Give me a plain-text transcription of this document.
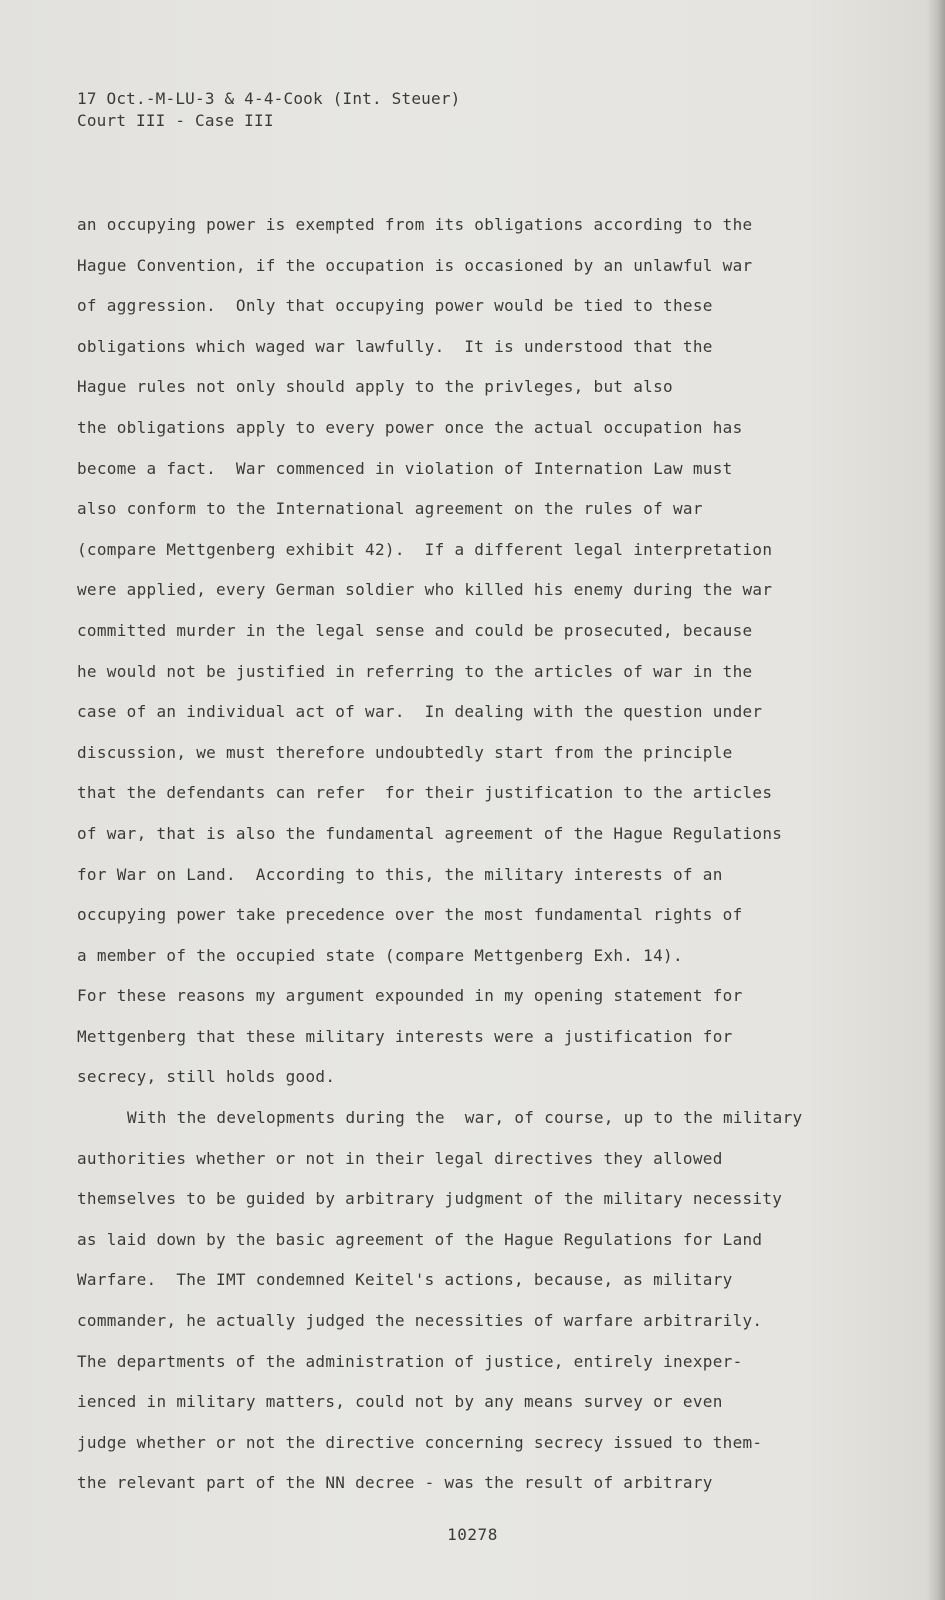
17 Oct.-M-LU-3 & 4-4-Cook (Int. Steuer)
Court III - Case III
an occupying power is exempted from its obligations according to the
Hague Convention, if the occupation is occasioned by an unlawful war
of aggression.  Only that occupying power would be tied to these
obligations which waged war lawfully.  It is understood that the
Hague rules not only should apply to the privleges, but also
the obligations apply to every power once the actual occupation has
become a fact.  War commenced in violation of Internation Law must
also conform to the International agreement on the rules of war
(compare Mettgenberg exhibit 42).  If a different legal interpretation
were applied, every German soldier who killed his enemy during the war
committed murder in the legal sense and could be prosecuted, because
he would not be justified in referring to the articles of war in the
case of an individual act of war.  In dealing with the question under
discussion, we must therefore undoubtedly start from the principle
that the defendants can refer  for their justification to the articles
of war, that is also the fundamental agreement of the Hague Regulations
for War on Land.  According to this, the military interests of an
occupying power take precedence over the most fundamental rights of
a member of the occupied state (compare Mettgenberg Exh. 14).
For these reasons my argument expounded in my opening statement for
Mettgenberg that these military interests were a justification for
secrecy, still holds good.
With the developments during the  war, of course, up to the military
authorities whether or not in their legal directives they allowed
themselves to be guided by arbitrary judgment of the military necessity
as laid down by the basic agreement of the Hague Regulations for Land
Warfare.  The IMT condemned Keitel's actions, because, as military
commander, he actually judged the necessities of warfare arbitrarily.
The departments of the administration of justice, entirely inexper-
ienced in military matters, could not by any means survey or even
judge whether or not the directive concerning secrecy issued to them-
the relevant part of the NN decree - was the result of arbitrary
10278
